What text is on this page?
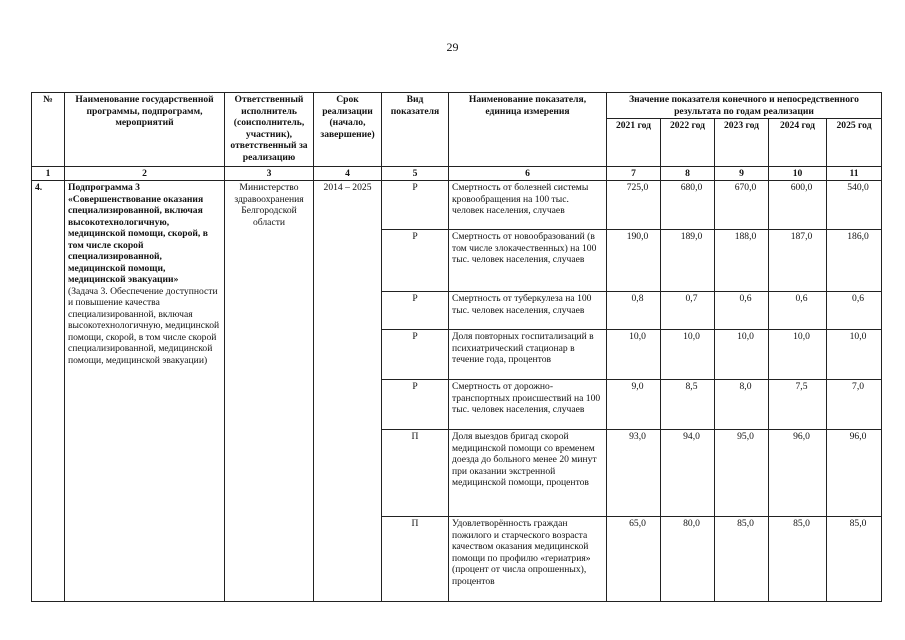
29
№	Наименование государственной программы, подпрограмм, мероприятий	Ответственный исполнитель (соисполнитель, участник), ответственный за реализацию	Срок реализации (начало, завершение)	Вид показателя	Наименование показателя, единица измерения	Значение показателя конечного и непосредственного результата по годам реализации				
						2021 год	2022 год	2023 год	2024 год	2025 год
1	2	3	4	5	6	7	8	9	10	11
4.	Подпрограмма 3 «Совершенствование оказания специализированной, включая высокотехнологичную, медицинской помощи, скорой, в том числе скорой специализированной, медицинской помощи, медицинской эвакуации»
(Задача 3. Обеспечение доступности и повышение качества специализированной, включая высокотехнологичную, медицинской помощи, скорой, в том числе скорой специализированной, медицинской помощи, медицинской эвакуации)	Министерство здравоохранения Белгородской области	2014 – 2025	Р	Смертность от болезней системы кровообращения на 100 тыс. человек населения, случаев	725,0	680,0	670,0	600,0	540,0
				Р	Смертность от новообразований (в том числе злокачественных) на 100 тыс. человек населения, случаев	190,0	189,0	188,0	187,0	186,0
				Р	Смертность от туберкулеза на 100 тыс. человек населения, случаев	0,8	0,7	0,6	0,6	0,6
				Р	Доля повторных госпитализаций в психиатрический стационар в течение года, процентов	10,0	10,0	10,0	10,0	10,0
				Р	Смертность от дорожно-транспортных происшествий на 100 тыс. человек населения, случаев	9,0	8,5	8,0	7,5	7,0
				П	Доля выездов бригад скорой медицинской помощи со временем доезда до больного менее 20 минут при оказании экстренной медицинской помощи, процентов	93,0	94,0	95,0	96,0	96,0
				П	Удовлетворённость граждан пожилого и старческого возраста качеством оказания медицинской помощи по профилю «гериатрия» (процент от числа опрошенных), процентов	65,0	80,0	85,0	85,0	85,0
